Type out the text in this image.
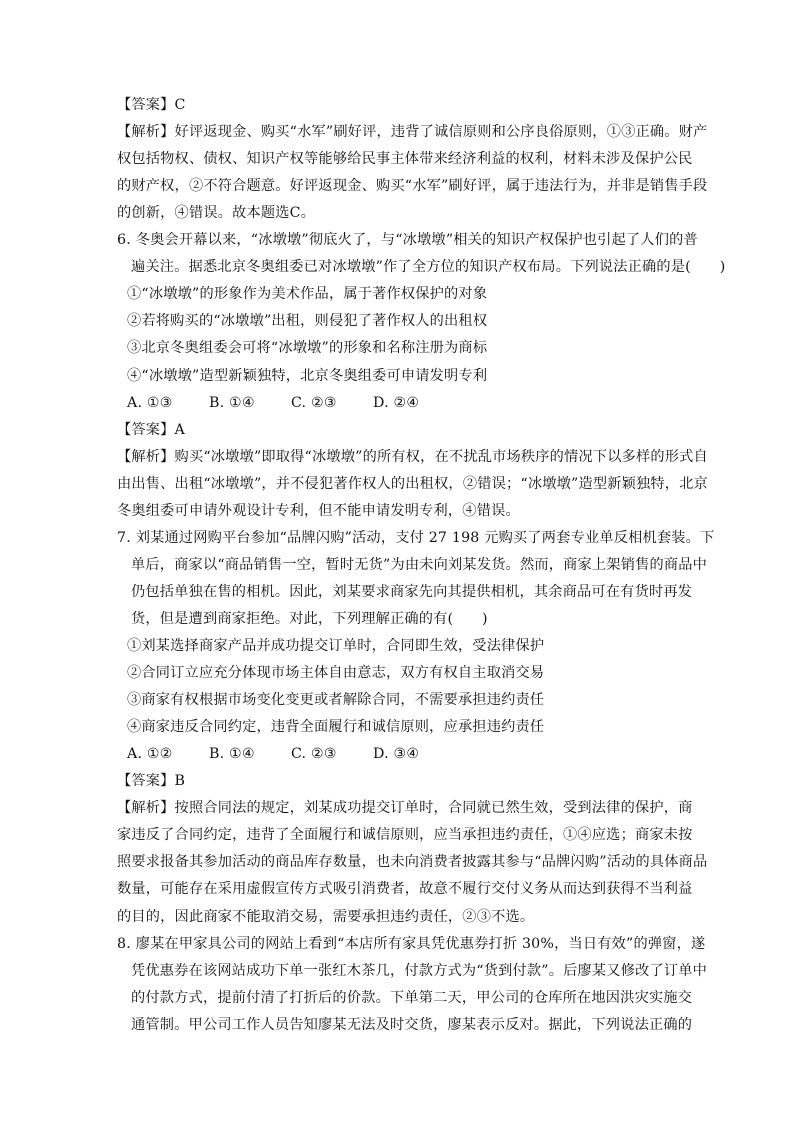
【答案】C
【解析】好评返现金、购买“水军”刷好评，违背了诚信原则和公序良俗原则，①③正确。财产
权包括物权、债权、知识产权等能够给民事主体带来经济利益的权利，材料未涉及保护公民
的财产权，②不符合题意。好评返现金、购买“水军”刷好评，属于违法行为，并非是销售手段
的创新，④错误。故本题选C。
6. 冬奥会开幕以来，“冰墩墩”彻底火了，与“冰墩墩”相关的知识产权保护也引起了人们的普
遍关注。据悉北京冬奥组委已对冰墩墩”作了全方位的知识产权布局。下列说法正确的是(　　)
①“冰墩墩”的形象作为美术作品，属于著作权保护的对象
②若将购买的“冰墩墩”出租，则侵犯了著作权人的出租权
③北京冬奥组委会可将“冰墩墩”的形象和名称注册为商标
④“冰墩墩”造型新颖独特，北京冬奥组委可申请发明专利
A. ①③	B. ①④	C. ②③	D. ②④
【答案】A
【解析】购买“冰墩墩”即取得“冰墩墩”的所有权，在不扰乱市场秩序的情况下以多样的形式自
由出售、出租“冰墩墩”，并不侵犯著作权人的出租权，②错误；“冰墩墩”造型新颖独特，北京
冬奥组委可申请外观设计专利，但不能申请发明专利，④错误。
7. 刘某通过网购平台参加“品牌闪购”活动，支付 27 198 元购买了两套专业单反相机套装。下
单后，商家以“商品销售一空，暂时无货”为由未向刘某发货。然而，商家上架销售的商品中
仍包括单独在售的相机。因此，刘某要求商家先向其提供相机，其余商品可在有货时再发
货，但是遭到商家拒绝。对此，下列理解正确的有(　　)
①刘某选择商家产品并成功提交订单时，合同即生效，受法律保护
②合同订立应充分体现市场主体自由意志，双方有权自主取消交易
③商家有权根据市场变化变更或者解除合同，不需要承担违约责任
④商家违反合同约定，违背全面履行和诚信原则，应承担违约责任
A. ①②	B. ①④	C. ②③	D. ③④
【答案】B
【解析】按照合同法的规定，刘某成功提交订单时，合同就已然生效，受到法律的保护，商
家违反了合同约定，违背了全面履行和诚信原则，应当承担违约责任，①④应选；商家未按
照要求报备其参加活动的商品库存数量，也未向消费者披露其参与“品牌闪购”活动的具体商品
数量，可能存在采用虚假宣传方式吸引消费者，故意不履行交付义务从而达到获得不当利益
的目的，因此商家不能取消交易，需要承担违约责任，②③不选。
8. 廖某在甲家具公司的网站上看到“本店所有家具凭优惠券打折 30%，当日有效”的弹窗，遂
凭优惠券在该网站成功下单一张红木茶几，付款方式为“货到付款”。后廖某又修改了订单中
的付款方式，提前付清了打折后的价款。下单第二天，甲公司的仓库所在地因洪灾实施交
通管制。甲公司工作人员告知廖某无法及时交货，廖某表示反对。据此，下列说法正确的
